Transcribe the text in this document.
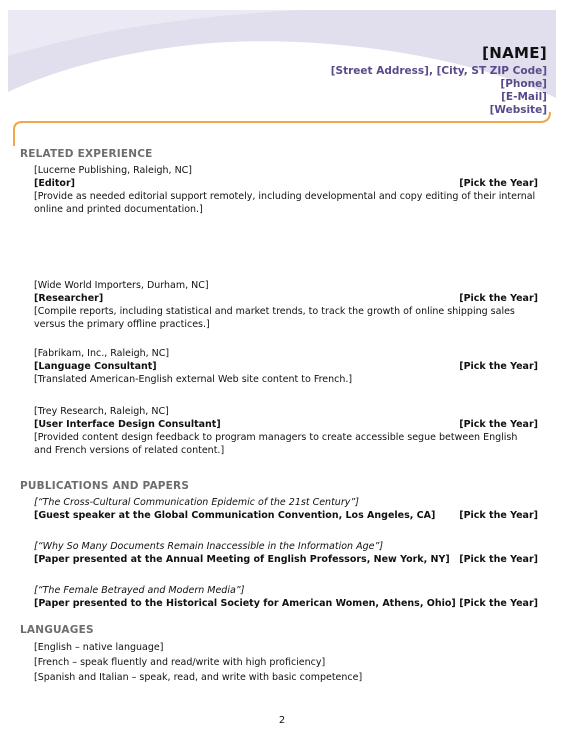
[NAME]
[Street Address], [City, ST ZIP Code]
[Phone]
[E-Mail]
[Website]
RELATED EXPERIENCE
[Lucerne Publishing, Raleigh, NC]
[Editor]	[Pick the Year]
[Provide as needed editorial support remotely, including developmental and copy editing of their internal online and printed documentation.]
[Wide World Importers, Durham, NC]
[Researcher]	[Pick the Year]
[Compile reports, including statistical and market trends, to track the growth of online shipping sales versus the primary offline practices.]
[Fabrikam, Inc., Raleigh, NC]
[Language Consultant]	[Pick the Year]
[Translated American-English external Web site content to French.]
[Trey Research, Raleigh, NC]
[User Interface Design Consultant]	[Pick the Year]
[Provided content design feedback to program managers to create accessible segue between English and French versions of related content.]
PUBLICATIONS AND PAPERS
[“The Cross-Cultural Communication Epidemic of the 21st Century”]
[Guest speaker at the Global Communication Convention, Los Angeles, CA]	[Pick the Year]
[“Why So Many Documents Remain Inaccessible in the Information Age”]
[Paper presented at the Annual Meeting of English Professors, New York, NY] [Pick the Year]
[“The Female Betrayed and Modern Media”]
[Paper presented to the Historical Society for American Women, Athens, Ohio] [Pick the Year]
LANGUAGES
[English – native language]
[French – speak fluently and read/write with high proficiency]
[Spanish and Italian – speak, read, and write with basic competence]
2
